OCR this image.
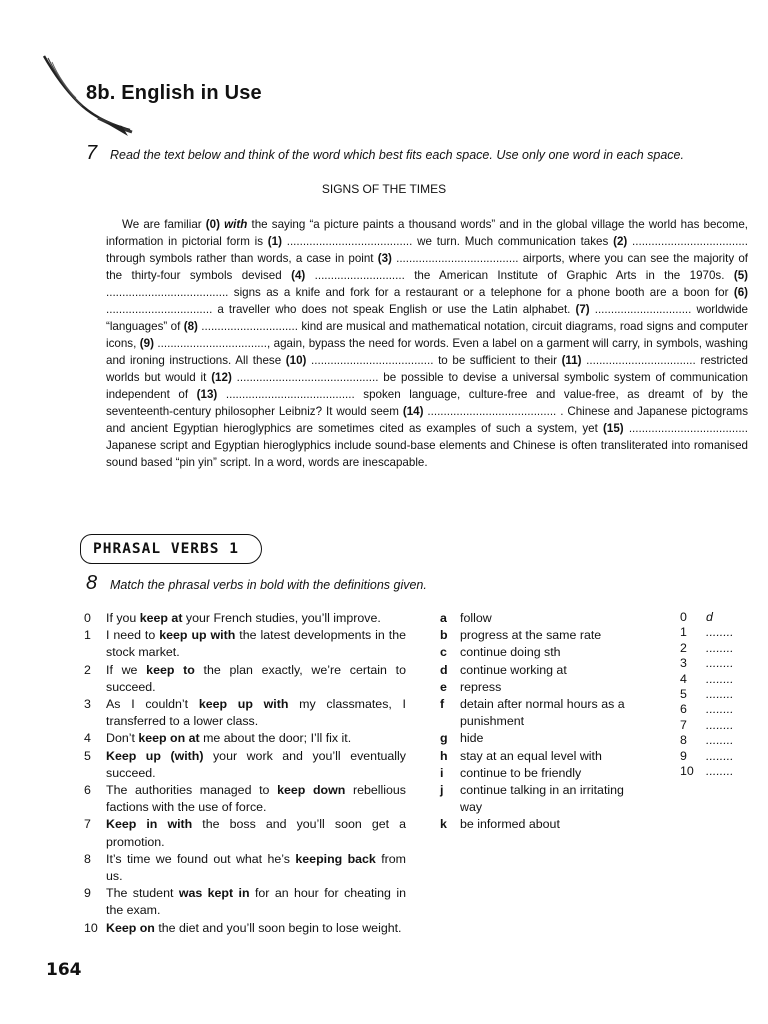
8b. English in Use
7 Read the text below and think of the word which best fits each space. Use only one word in each space.
SIGNS OF THE TIMES

We are familiar (0) with the saying “a picture paints a thousand words” and in the global village the world has become, information in pictorial form is (1) ....................................... we turn. Much communication takes (2) .................................... through symbols rather than words, a case in point (3) ...................................... airports, where you can see the majority of the thirty-four symbols devised (4) ............................ the American Institute of Graphic Arts in the 1970s. (5) ...................................... signs as a knife and fork for a restaurant or a telephone for a phone booth are a boon for (6) ................................. a traveller who does not speak English or use the Latin alphabet. (7) .............................. worldwide “languages” of (8) .............................. kind are musical and mathematical notation, circuit diagrams, road signs and computer icons, (9) .................................., again, bypass the need for words. Even a label on a garment will carry, in symbols, washing and ironing instructions. All these (10) ...................................... to be sufficient to their (11) .................................. restricted worlds but would it (12) ............................................ be possible to devise a universal symbolic system of communication independent of (13) ........................................ spoken language, culture-free and value-free, as dreamt of by the seventeenth-century philosopher Leibniz? It would seem (14) ........................................ . Chinese and Japanese pictograms and ancient Egyptian hieroglyphics are sometimes cited as examples of such a system, yet (15) ..................................... Japanese script and Egyptian hieroglyphics include sound-base elements and Chinese is often transliterated into romanised sound based “pin yin” script. In a word, words are inescapable.

PHRASAL VERBS 1
8 Match the phrasal verbs in bold with the definitions given.
0	If you keep at your French studies, you’ll improve.
1	I need to keep up with the latest developments in the stock market.
2	If we keep to the plan exactly, we’re certain to succeed.
3	As I couldn’t keep up with my classmates, I transferred to a lower class.
4	Don’t keep on at me about the door; I’ll fix it.
5	Keep up (with) your work and you’ll eventually succeed.
6	The authorities managed to keep down rebellious factions with the use of force.
7	Keep in with the boss and you’ll soon get a promotion.
8	It’s time we found out what he’s keeping back from us.
9	The student was kept in for an hour for cheating in the exam.
10 Keep on the diet and you’ll soon begin to lose weight.
a	follow
b	progress at the same rate
c	continue doing sth
d	continue working at
e	repress
f	detain after normal hours as a punishment
g	hide
h	stay at an equal level with
i	continue to be friendly
j	continue talking in an irritating way
k	be informed about
0	d
1	........
2	........
3	........
4	........
5	........
6	........
7	........
8	........
9	........
10 ........
164
